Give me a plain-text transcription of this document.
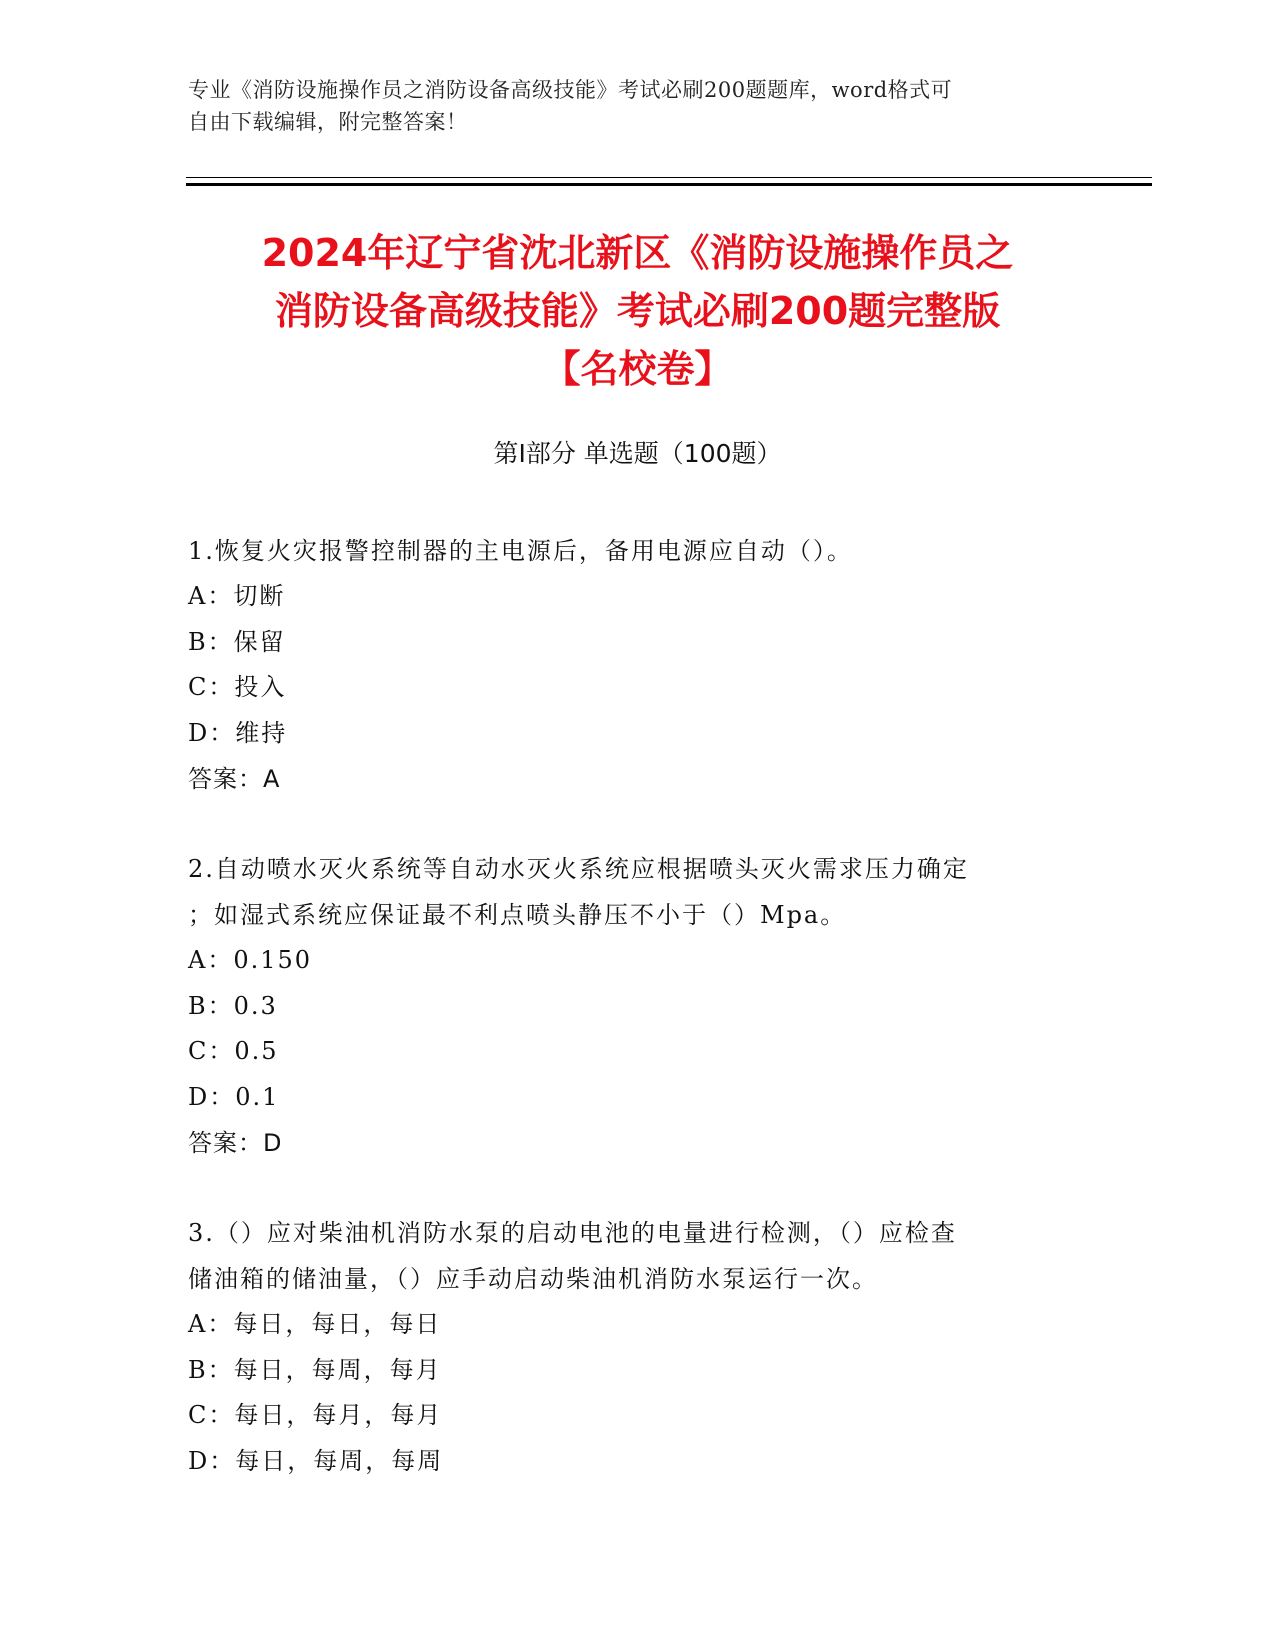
专业《消防设施操作员之消防设备高级技能》考试必刷200题题库，word格式可
自由下载编辑，附完整答案！
2024年辽宁省沈北新区《消防设施操作员之
消防设备高级技能》考试必刷200题完整版
【名校卷】
第I部分 单选题（100题）
1.恢复火灾报警控制器的主电源后，备用电源应自动（）。
A：切断
B：保留
C：投入
D：维持
答案：A
2.自动喷水灭火系统等自动水灭火系统应根据喷头灭火需求压力确定
；如湿式系统应保证最不利点喷头静压不小于（）Mpa。
A：0.150
B：0.3
C：0.5
D：0.1
答案：D
3.（）应对柴油机消防水泵的启动电池的电量进行检测，（）应检查
储油箱的储油量，（）应手动启动柴油机消防水泵运行一次。
A：每日，每日，每日
B：每日，每周，每月
C：每日，每月，每月
D：每日，每周，每周
